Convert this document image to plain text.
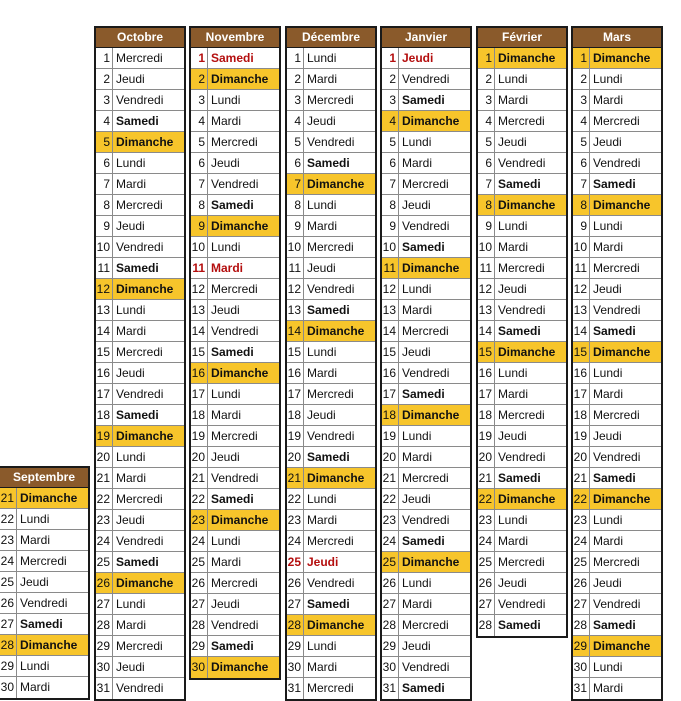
Septembre
21 Dimanche
22 Lundi
23 Mardi
24 Mercredi
25 Jeudi
26 Vendredi
27 Samedi
28 Dimanche
29 Lundi
30 Mardi
Octobre
1 Mercredi
2 Jeudi
3 Vendredi
4 Samedi
5 Dimanche
6 Lundi
7 Mardi
8 Mercredi
9 Jeudi
10 Vendredi
11 Samedi
12 Dimanche
13 Lundi
14 Mardi
15 Mercredi
16 Jeudi
17 Vendredi
18 Samedi
19 Dimanche
20 Lundi
21 Mardi
22 Mercredi
23 Jeudi
24 Vendredi
25 Samedi
26 Dimanche
27 Lundi
28 Mardi
29 Mercredi
30 Jeudi
31 Vendredi
Novembre
1 Samedi
2 Dimanche
3 Lundi
4 Mardi
5 Mercredi
6 Jeudi
7 Vendredi
8 Samedi
9 Dimanche
10 Lundi
11 Mardi
12 Mercredi
13 Jeudi
14 Vendredi
15 Samedi
16 Dimanche
17 Lundi
18 Mardi
19 Mercredi
20 Jeudi
21 Vendredi
22 Samedi
23 Dimanche
24 Lundi
25 Mardi
26 Mercredi
27 Jeudi
28 Vendredi
29 Samedi
30 Dimanche
Décembre
1 Lundi
2 Mardi
3 Mercredi
4 Jeudi
5 Vendredi
6 Samedi
7 Dimanche
8 Lundi
9 Mardi
10 Mercredi
11 Jeudi
12 Vendredi
13 Samedi
14 Dimanche
15 Lundi
16 Mardi
17 Mercredi
18 Jeudi
19 Vendredi
20 Samedi
21 Dimanche
22 Lundi
23 Mardi
24 Mercredi
25 Jeudi
26 Vendredi
27 Samedi
28 Dimanche
29 Lundi
30 Mardi
31 Mercredi
Janvier
1 Jeudi
2 Vendredi
3 Samedi
4 Dimanche
5 Lundi
6 Mardi
7 Mercredi
8 Jeudi
9 Vendredi
10 Samedi
11 Dimanche
12 Lundi
13 Mardi
14 Mercredi
15 Jeudi
16 Vendredi
17 Samedi
18 Dimanche
19 Lundi
20 Mardi
21 Mercredi
22 Jeudi
23 Vendredi
24 Samedi
25 Dimanche
26 Lundi
27 Mardi
28 Mercredi
29 Jeudi
30 Vendredi
31 Samedi
Février
1 Dimanche
2 Lundi
3 Mardi
4 Mercredi
5 Jeudi
6 Vendredi
7 Samedi
8 Dimanche
9 Lundi
10 Mardi
11 Mercredi
12 Jeudi
13 Vendredi
14 Samedi
15 Dimanche
16 Lundi
17 Mardi
18 Mercredi
19 Jeudi
20 Vendredi
21 Samedi
22 Dimanche
23 Lundi
24 Mardi
25 Mercredi
26 Jeudi
27 Vendredi
28 Samedi
Mars
1 Dimanche
2 Lundi
3 Mardi
4 Mercredi
5 Jeudi
6 Vendredi
7 Samedi
8 Dimanche
9 Lundi
10 Mardi
11 Mercredi
12 Jeudi
13 Vendredi
14 Samedi
15 Dimanche
16 Lundi
17 Mardi
18 Mercredi
19 Jeudi
20 Vendredi
21 Samedi
22 Dimanche
23 Lundi
24 Mardi
25 Mercredi
26 Jeudi
27 Vendredi
28 Samedi
29 Dimanche
30 Lundi
31 Mardi
